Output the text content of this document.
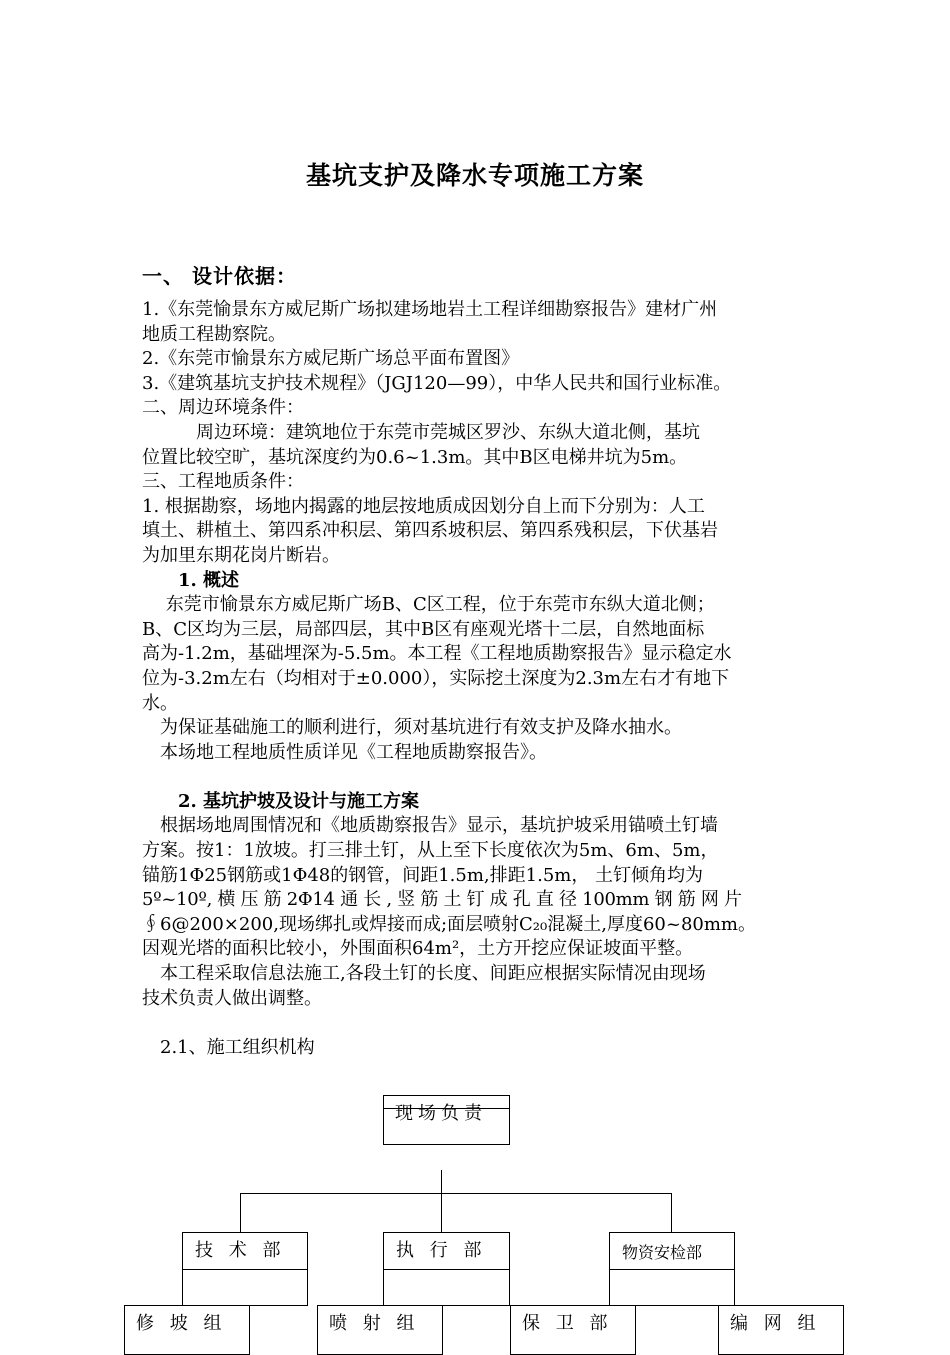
基坑支护及降水专项施工方案
一、 设计依据：
1.《东莞愉景东方威尼斯广场拟建场地岩土工程详细勘察报告》建材广州
地质工程勘察院。
2.《东莞市愉景东方威尼斯广场总平面布置图》
3.《建筑基坑支护技术规程》（JGJ120—99），中华人民共和国行业标准。
二、周边环境条件：
　　　周边环境：建筑地位于东莞市莞城区罗沙、东纵大道北侧，基坑
位置比较空旷，基坑深度约为0.6~1.3m。其中B区电梯井坑为5m。
三、工程地质条件：
1. 根据勘察，场地内揭露的地层按地质成因划分自上而下分别为：人工
填土、耕植土、第四系冲积层、第四系坡积层、第四系残积层，下伏基岩
为加里东期花岗片断岩。
　　1. 概述
　 东莞市愉景东方威尼斯广场B、C区工程，位于东莞市东纵大道北侧；
B、C区均为三层，局部四层，其中B区有座观光塔十二层，自然地面标
高为-1.2m，基础埋深为-5.5m。本工程《工程地质勘察报告》显示稳定水
位为-3.2m左右（均相对于±0.000），实际挖土深度为2.3m左右才有地下
水。
　为保证基础施工的顺利进行，须对基坑进行有效支护及降水抽水。
　本场地工程地质性质详见《工程地质勘察报告》。

　　2. 基坑护坡及设计与施工方案
　根据场地周围情况和《地质勘察报告》显示，基坑护坡采用锚喷土钉墙
方案。按1：1放坡。打三排土钉，从上至下长度依次为5m、6m、5m，
锚筋1Φ25钢筋或1Φ48的钢管，间距1.5m,排距1.5m， 土钉倾角均为
5º~10º, 横 压 筋 2Φ14 通 长 , 竖 筋 土 钉 成 孔 直 径 100mm 钢 筋 网 片
∮6@200×200,现场绑扎或焊接而成;面层喷射C₂₀混凝土,厚度60~80mm。
因观光塔的面积比较小，外围面积64m²，土方开挖应保证坡面平整。
　本工程采取信息法施工,各段土钉的长度、间距应根据实际情况由现场
技术负责人做出调整。

　2.1、施工组织机构
现场负责
技 术 部	执 行 部	物资安检部
修 坡 组	喷 射 组	保 卫 部	编 网 组
